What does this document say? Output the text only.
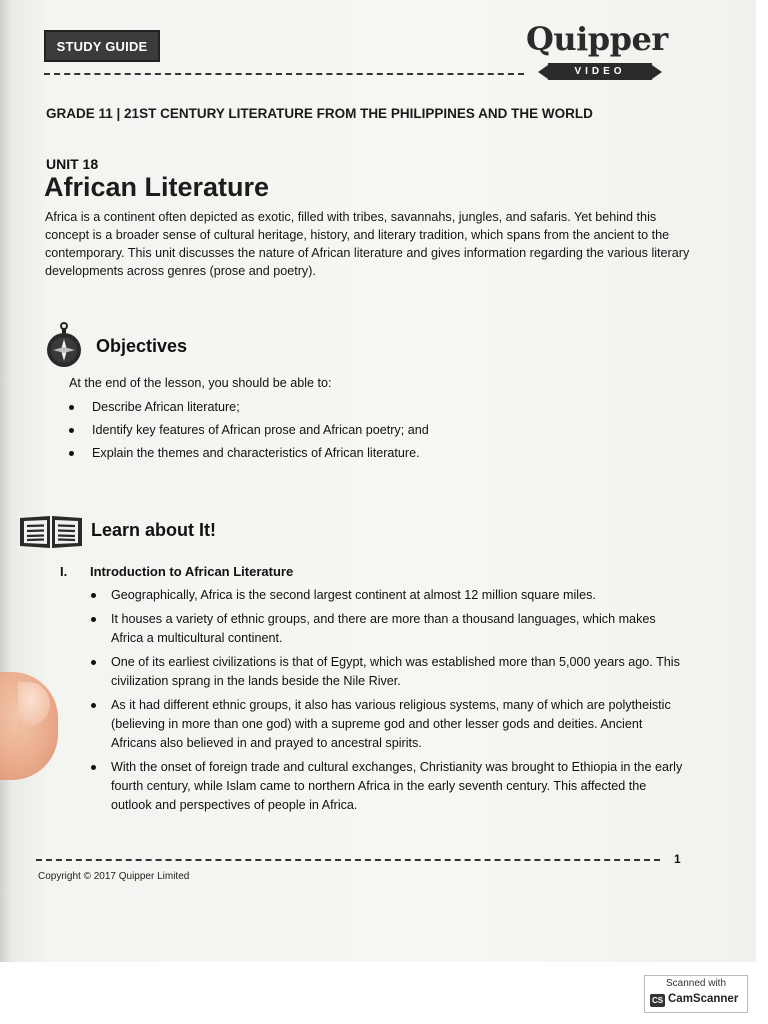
STUDY GUIDE	Quipper
VIDEO
GRADE 11 | 21ST CENTURY LITERATURE FROM THE PHILIPPINES AND THE WORLD
UNIT 18
African Literature
Africa is a continent often depicted as exotic, filled with tribes, savannahs, jungles, and safaris. Yet behind this concept is a broader sense of cultural heritage, history, and literary tradition, which spans from the ancient to the contemporary. This unit discusses the nature of African literature and gives information regarding the various literary developments across genres (prose and poetry).
Objectives
At the end of the lesson, you should be able to:
Describe African literature;
Identify key features of African prose and African poetry; and
Explain the themes and characteristics of African literature.
Learn about It!
I. Introduction to African Literature
Geographically, Africa is the second largest continent at almost 12 million square miles.
It houses a variety of ethnic groups, and there are more than a thousand languages, which makes Africa a multicultural continent.
One of its earliest civilizations is that of Egypt, which was established more than 5,000 years ago. This civilization sprang in the lands beside the Nile River.
As it had different ethnic groups, it also has various religious systems, many of which are polytheistic (believing in more than one god) with a supreme god and other lesser gods and deities. Ancient Africans also believed in and prayed to ancestral spirits.
With the onset of foreign trade and cultural exchanges, Christianity was brought to Ethiopia in the early fourth century, while Islam came to northern Africa in the early seventh century. This affected the outlook and perspectives of people in Africa.
1
Copyright © 2017 Quipper Limited
Scanned with
CS CamScanner
